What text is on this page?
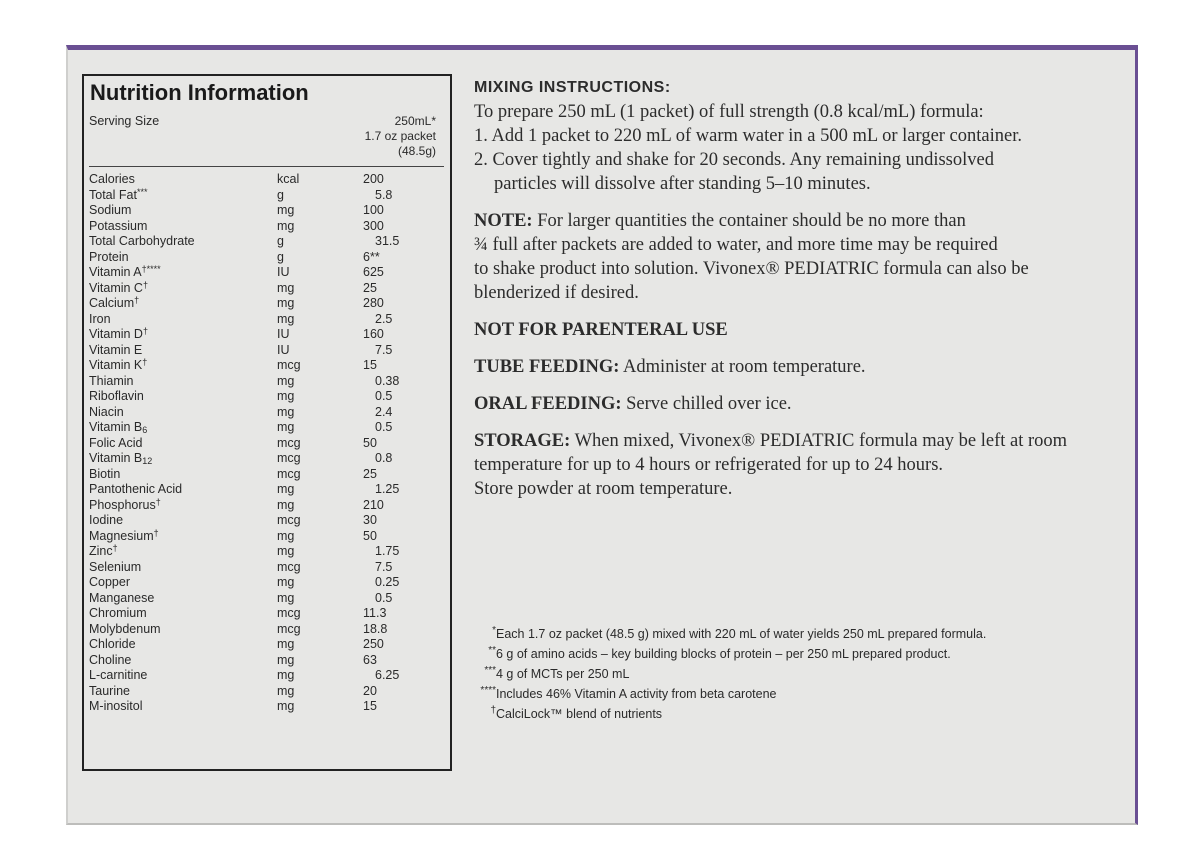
Nutrition Information
Serving Size	250mL*
1.7 oz packet
(48.5g)
Calories	kcal	200
Total Fat***	g	5.8
Sodium	mg	100
Potassium	mg	300
Total Carbohydrate	g	31.5
Protein	g	6**
Vitamin A†****	IU	625
Vitamin C†	mg	25
Calcium†	mg	280
Iron	mg	2.5
Vitamin D†	IU	160
Vitamin E	IU	7.5
Vitamin K†	mcg	15
Thiamin	mg	0.38
Riboflavin	mg	0.5
Niacin	mg	2.4
Vitamin $B_6$	mg	0.5
Folic Acid	mcg	50
Vitamin $B_{12}$	mcg	0.8
Biotin	mcg	25
Pantothenic Acid	mg	1.25
Phosphorus†	mg	210
Iodine	mcg	30
Magnesium†	mg	50
Zinc†	mg	1.75
Selenium	mcg	7.5
Copper	mg	0.25
Manganese	mg	0.5
Chromium	mcg	11.3
Molybdenum	mcg	18.8
Chloride	mg	250
Choline	mg	63
L-carnitine	mg	6.25
Taurine	mg	20
M-inositol	mg	15

MIXING INSTRUCTIONS:

To prepare 250 mL (1 packet) of full strength (0.8 kcal/mL) formula:

1. Add 1 packet to 220 mL of warm water in a 500 mL or larger container.

2. Cover tightly and shake for 20 seconds. Any remaining undissolved

particles will dissolve after standing 5–10 minutes.

NOTE: For larger quantities the container should be no more than

¾ full after packets are added to water, and more time may be required

to shake product into solution. Vivonex® PEDIATRIC formula can also be

blenderized if desired.

NOT FOR PARENTERAL USE

TUBE FEEDING: Administer at room temperature.

ORAL FEEDING: Serve chilled over ice.

STORAGE: When mixed, Vivonex® PEDIATRIC formula may be left at room

temperature for up to 4 hours or refrigerated for up to 24 hours.

Store powder at room temperature.

* Each 1.7 oz packet (48.5 g) mixed with 220 mL of water yields 250 mL prepared formula.
** 6 g of amino acids – key building blocks of protein – per 250 mL prepared product.
*** 4 g of MCTs per 250 mL
**** Includes 46% Vitamin A activity from beta carotene
† CalciLock™ blend of nutrients
